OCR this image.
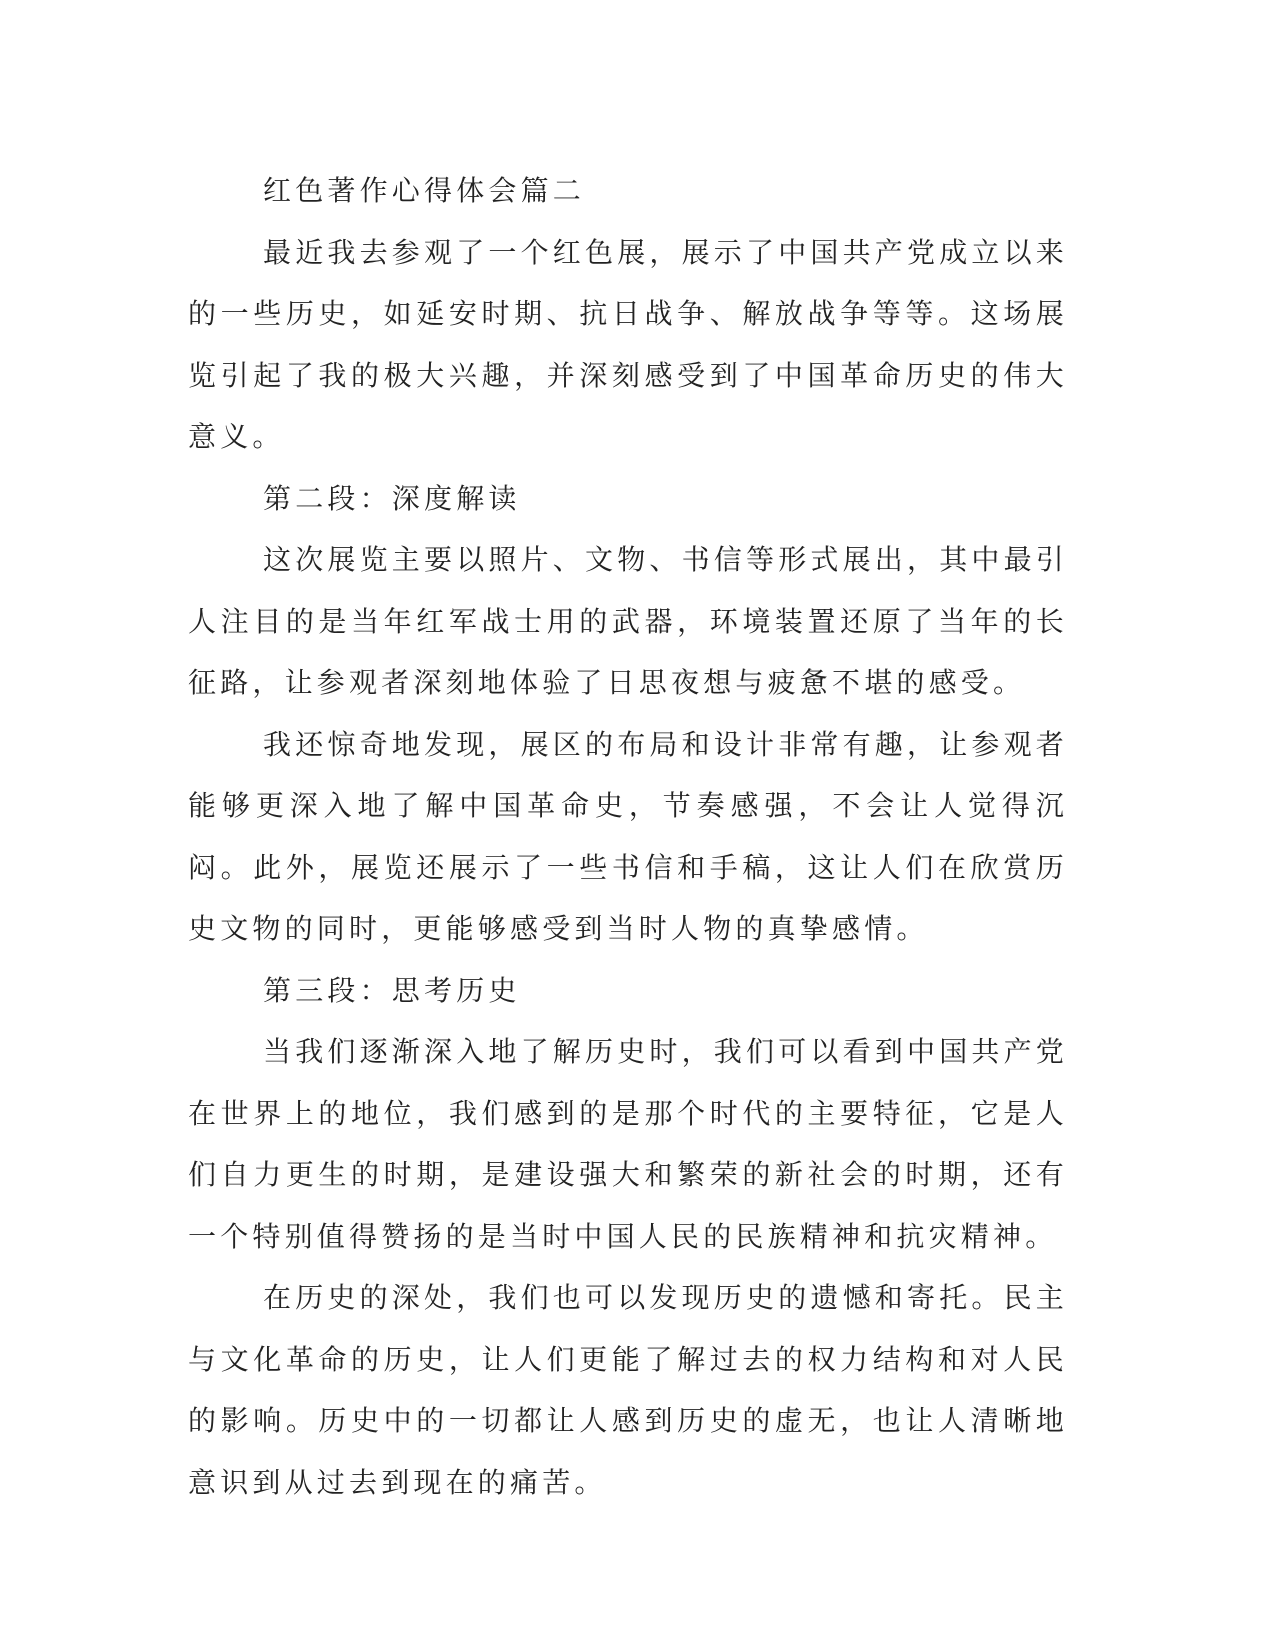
红色著作心得体会篇二

最近我去参观了一个红色展，展示了中国共产党成立以来的一些历史，如延安时期、抗日战争、解放战争等等。这场展览引起了我的极大兴趣，并深刻感受到了中国革命历史的伟大意义。

第二段：深度解读

这次展览主要以照片、文物、书信等形式展出，其中最引人注目的是当年红军战士用的武器，环境装置还原了当年的长征路，让参观者深刻地体验了日思夜想与疲惫不堪的感受。

我还惊奇地发现，展区的布局和设计非常有趣，让参观者能够更深入地了解中国革命史，节奏感强，不会让人觉得沉闷。此外，展览还展示了一些书信和手稿，这让人们在欣赏历史文物的同时，更能够感受到当时人物的真挚感情。

第三段：思考历史

当我们逐渐深入地了解历史时，我们可以看到中国共产党在世界上的地位，我们感到的是那个时代的主要特征，它是人们自力更生的时期，是建设强大和繁荣的新社会的时期，还有一个特别值得赞扬的是当时中国人民的民族精神和抗灾精神。

在历史的深处，我们也可以发现历史的遗憾和寄托。民主与文化革命的历史，让人们更能了解过去的权力结构和对人民的影响。历史中的一切都让人感到历史的虚无，也让人清晰地意识到从过去到现在的痛苦。
